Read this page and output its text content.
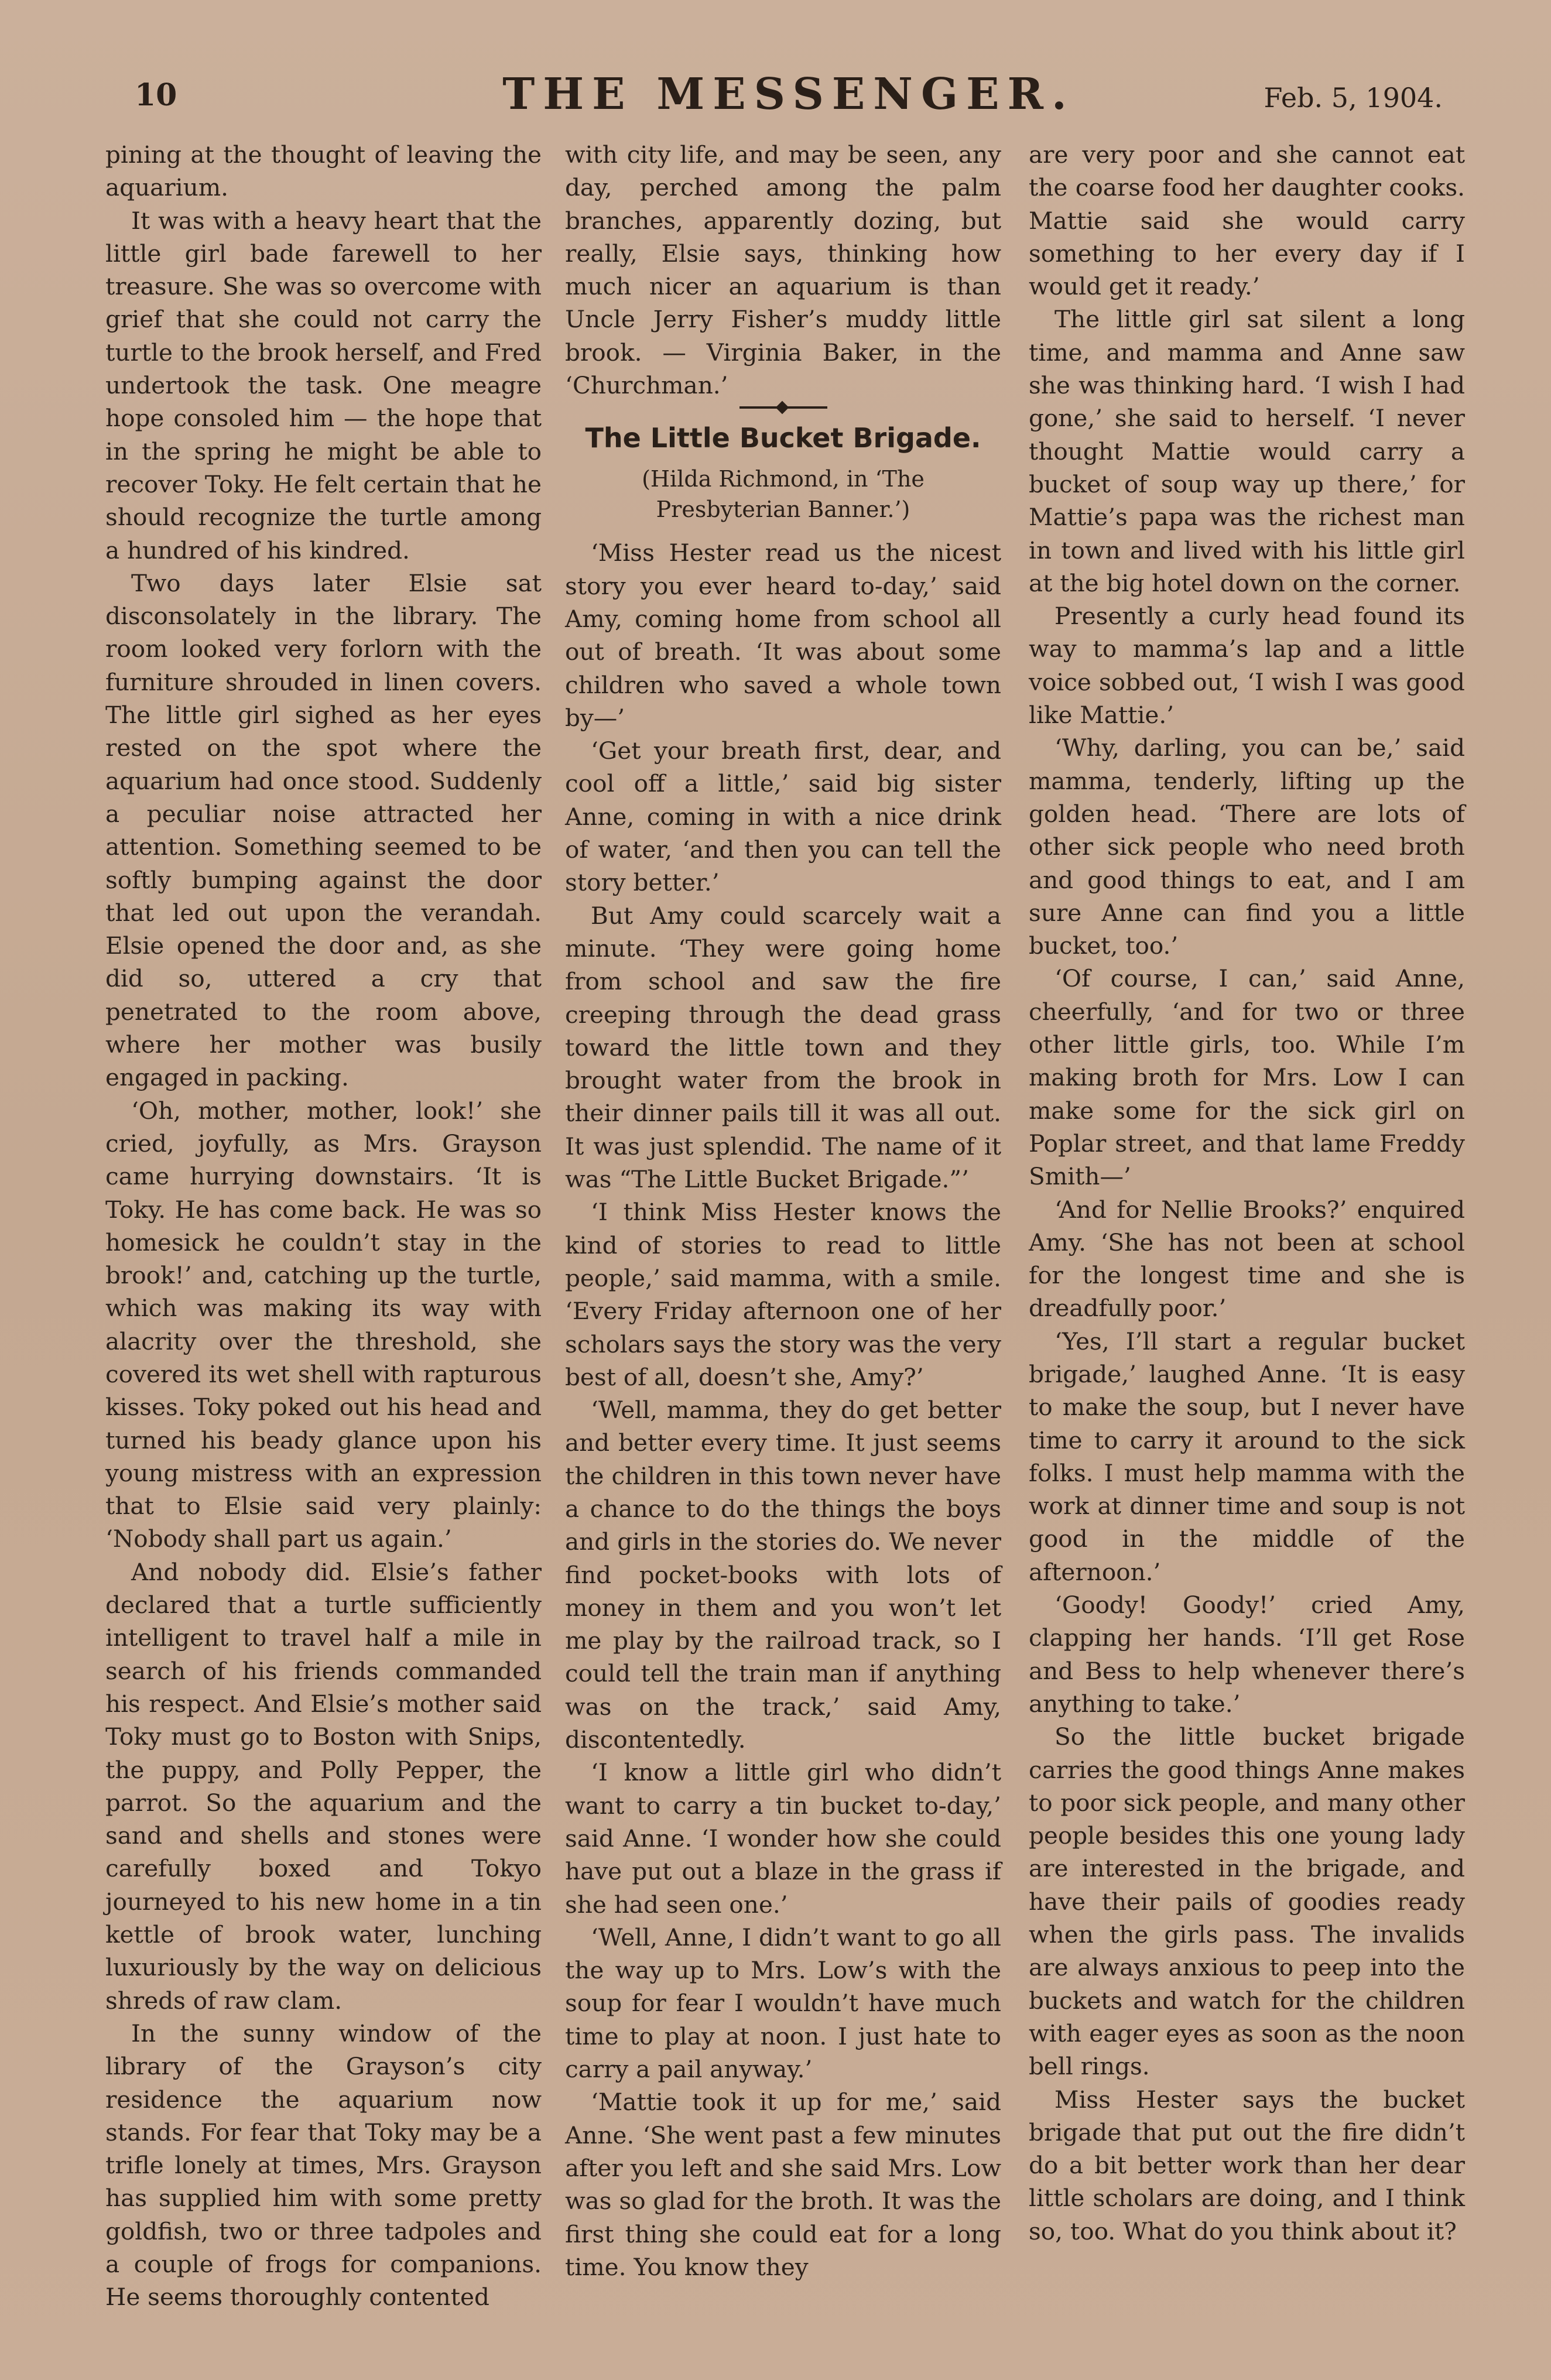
10	THE MESSENGER.	Feb. 5, 1904.

pining at the thought of leaving the aquarium.

It was with a heavy heart that the little girl bade farewell to her treasure. She was so overcome with grief that she could not carry the turtle to the brook herself, and Fred undertook the task. One meagre hope consoled him — the hope that in the spring he might be able to recover Toky. He felt certain that he should recognize the turtle among a hundred of his kindred.

Two days later Elsie sat disconsolately in the library. The room looked very forlorn with the furniture shrouded in linen covers. The little girl sighed as her eyes rested on the spot where the aquarium had once stood. Suddenly a peculiar noise attracted her attention. Something seemed to be softly bumping against the door that led out upon the verandah. Elsie opened the door and, as she did so, uttered a cry that penetrated to the room above, where her mother was busily engaged in packing.

‘Oh, mother, mother, look!’ she cried, joyfully, as Mrs. Grayson came hurrying downstairs. ‘It is Toky. He has come back. He was so homesick he couldn’t stay in the brook!’ and, catching up the turtle, which was making its way with alacrity over the threshold, she covered its wet shell with rapturous kisses. Toky poked out his head and turned his beady glance upon his young mistress with an expression that to Elsie said very plainly: ‘Nobody shall part us again.’

And nobody did. Elsie’s father declared that a turtle sufficiently intelligent to travel half a mile in search of his friends commanded his respect. And Elsie’s mother said Toky must go to Boston with Snips, the puppy, and Polly Pepper, the parrot. So the aquarium and the sand and shells and stones were carefully boxed and Tokyo journeyed to his new home in a tin kettle of brook water, lunching luxuriously by the way on delicious shreds of raw clam.

In the sunny window of the library of the Grayson’s city residence the aquarium now stands. For fear that Toky may be a trifle lonely at times, Mrs. Grayson has supplied him with some pretty goldfish, two or three tadpoles and a couple of frogs for companions. He seems thoroughly contented

with city life, and may be seen, any day, perched among the palm branches, apparently dozing, but really, Elsie says, thinking how much nicer an aquarium is than Uncle Jerry Fisher’s muddy little brook. — Virginia Baker, in the ‘Churchman.’

The Little Bucket Brigade.
(Hilda Richmond, in ‘The Presbyterian Banner.’)

‘Miss Hester read us the nicest story you ever heard to-day,’ said Amy, coming home from school all out of breath. ‘It was about some children who saved a whole town by—’

‘Get your breath first, dear, and cool off a little,’ said big sister Anne, coming in with a nice drink of water, ‘and then you can tell the story better.’

But Amy could scarcely wait a minute. ‘They were going home from school and saw the fire creeping through the dead grass toward the little town and they brought water from the brook in their dinner pails till it was all out. It was just splendid. The name of it was “The Little Bucket Brigade.”’

‘I think Miss Hester knows the kind of stories to read to little people,’ said mamma, with a smile. ‘Every Friday afternoon one of her scholars says the story was the very best of all, doesn’t she, Amy?’

‘Well, mamma, they do get better and better every time. It just seems the children in this town never have a chance to do the things the boys and girls in the stories do. We never find pocket-books with lots of money in them and you won’t let me play by the railroad track, so I could tell the train man if anything was on the track,’ said Amy, discontentedly.

‘I know a little girl who didn’t want to carry a tin bucket to-day,’ said Anne. ‘I wonder how she could have put out a blaze in the grass if she had seen one.’

‘Well, Anne, I didn’t want to go all the way up to Mrs. Low’s with the soup for fear I wouldn’t have much time to play at noon. I just hate to carry a pail anyway.’

‘Mattie took it up for me,’ said Anne. ‘She went past a few minutes after you left and she said Mrs. Low was so glad for the broth. It was the first thing she could eat for a long time. You know they

are very poor and she cannot eat the coarse food her daughter cooks. Mattie said she would carry something to her every day if I would get it ready.’

The little girl sat silent a long time, and mamma and Anne saw she was thinking hard. ‘I wish I had gone,’ she said to herself. ‘I never thought Mattie would carry a bucket of soup way up there,’ for Mattie’s papa was the richest man in town and lived with his little girl at the big hotel down on the corner.

Presently a curly head found its way to mamma’s lap and a little voice sobbed out, ‘I wish I was good like Mattie.’

‘Why, darling, you can be,’ said mamma, tenderly, lifting up the golden head. ‘There are lots of other sick people who need broth and good things to eat, and I am sure Anne can find you a little bucket, too.’

‘Of course, I can,’ said Anne, cheerfully, ‘and for two or three other little girls, too. While I’m making broth for Mrs. Low I can make some for the sick girl on Poplar street, and that lame Freddy Smith—’

‘And for Nellie Brooks?’ enquired Amy. ‘She has not been at school for the longest time and she is dreadfully poor.’

‘Yes, I’ll start a regular bucket brigade,’ laughed Anne. ‘It is easy to make the soup, but I never have time to carry it around to the sick folks. I must help mamma with the work at dinner time and soup is not good in the middle of the afternoon.’

‘Goody! Goody!’ cried Amy, clapping her hands. ‘I’ll get Rose and Bess to help whenever there’s anything to take.’

So the little bucket brigade carries the good things Anne makes to poor sick people, and many other people besides this one young lady are interested in the brigade, and have their pails of goodies ready when the girls pass. The invalids are always anxious to peep into the buckets and watch for the children with eager eyes as soon as the noon bell rings.

Miss Hester says the bucket brigade that put out the fire didn’t do a bit better work than her dear little scholars are doing, and I think so, too. What do you think about it?
